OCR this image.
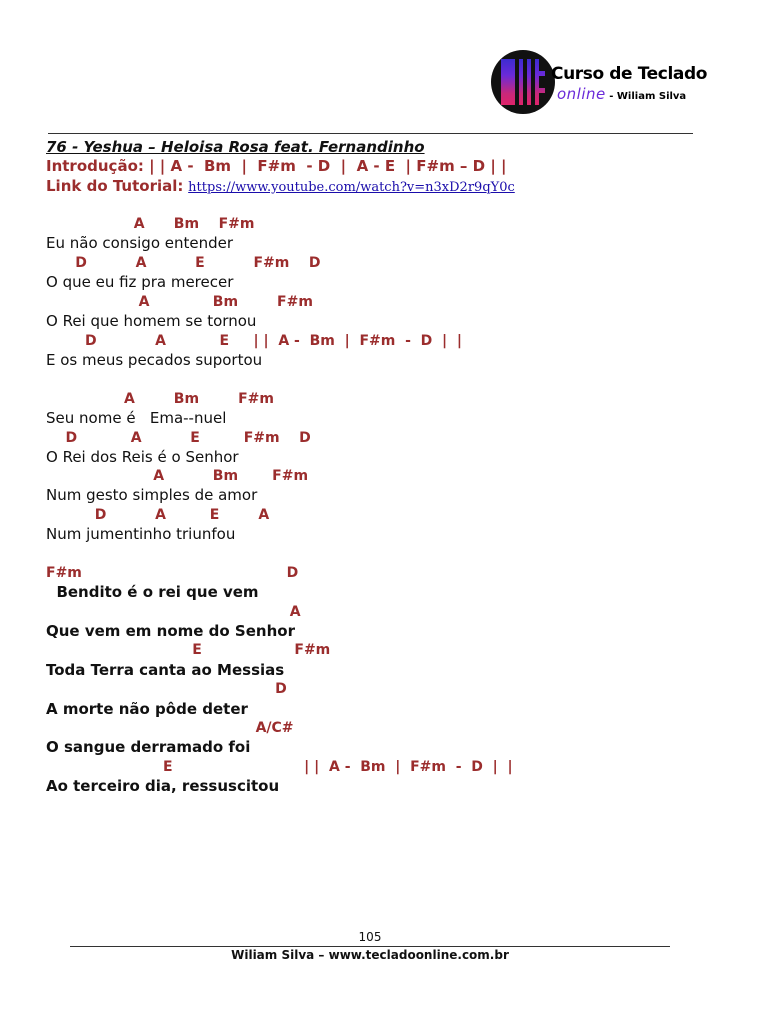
Curso de Teclado
online - Wiliam Silva
76 - Yeshua – Heloisa Rosa feat. Fernandinho
Introdução: | | A -  Bm  |  F#m  - D  |  A - E  | F#m – D | |
Link do Tutorial: https://www.youtube.com/watch?v=n3xD2r9qY0c
A      Bm    F#m
Eu não consigo entender
D          A          E          F#m    D
O que eu fiz pra merecer
A             Bm        F#m
O Rei que homem se tornou
D            A           E     | |  A -  Bm  |  F#m  -  D  |  |
E os meus pecados suportou
A        Bm        F#m
Seu nome é   Ema--nuel
D           A          E         F#m    D
O Rei dos Reis é o Senhor
A          Bm       F#m
Num gesto simples de amor
D          A         E        A
Num jumentinho triunfou
F#m                                          D
Bendito é o rei que vem
A
Que vem em nome do Senhor
E                   F#m
Toda Terra canta ao Messias
D
A morte não pôde deter
A/C#
O sangue derramado foi
E                           | |  A -  Bm  |  F#m  -  D  |  |
Ao terceiro dia, ressuscitou
105
Wiliam Silva – www.tecladoonline.com.br
